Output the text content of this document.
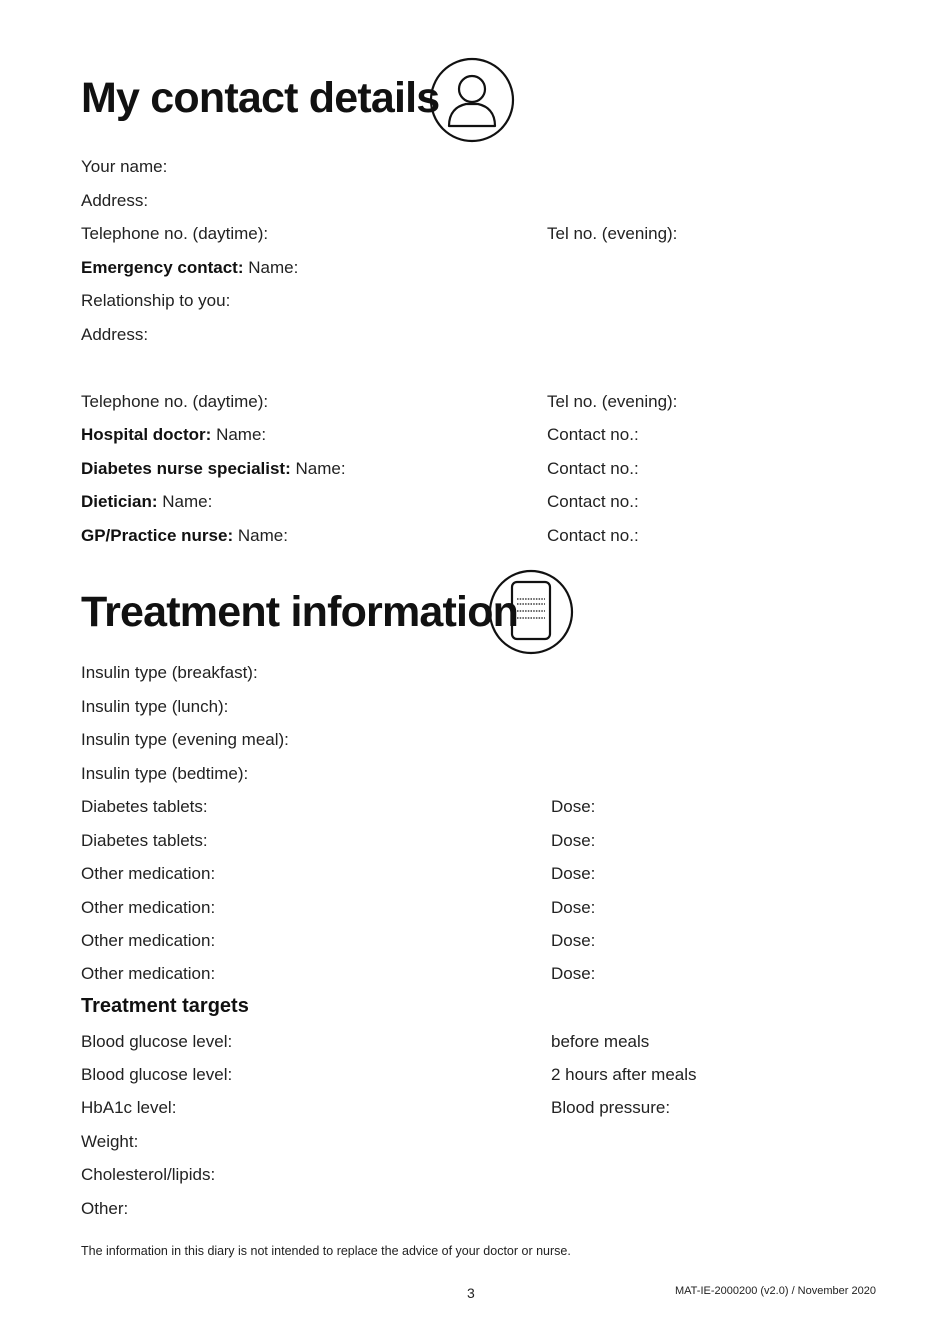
My contact details
Your name:
Address:
Telephone no. (daytime):	Tel no. (evening):
Emergency contact: Name:
Relationship to you:
Address:
Telephone no. (daytime):	Tel no. (evening):
Hospital doctor: Name:	Contact no.:
Diabetes nurse specialist: Name:	Contact no.:
Dietician: Name:	Contact no.:
GP/Practice nurse: Name:	Contact no.:
Treatment information
Insulin type (breakfast):
Insulin type (lunch):
Insulin type (evening meal):
Insulin type (bedtime):
Diabetes tablets:	Dose:
Diabetes tablets:	Dose:
Other medication:	Dose:
Other medication:	Dose:
Other medication:	Dose:
Other medication:	Dose:
Treatment targets
Blood glucose level:	before meals
Blood glucose level:	2 hours after meals
HbA1c level:	Blood pressure:
Weight:
Cholesterol/lipids:
Other:
The information in this diary is not intended to replace the advice of your doctor or nurse.
3	MAT-IE-2000200 (v2.0) / November 2020
